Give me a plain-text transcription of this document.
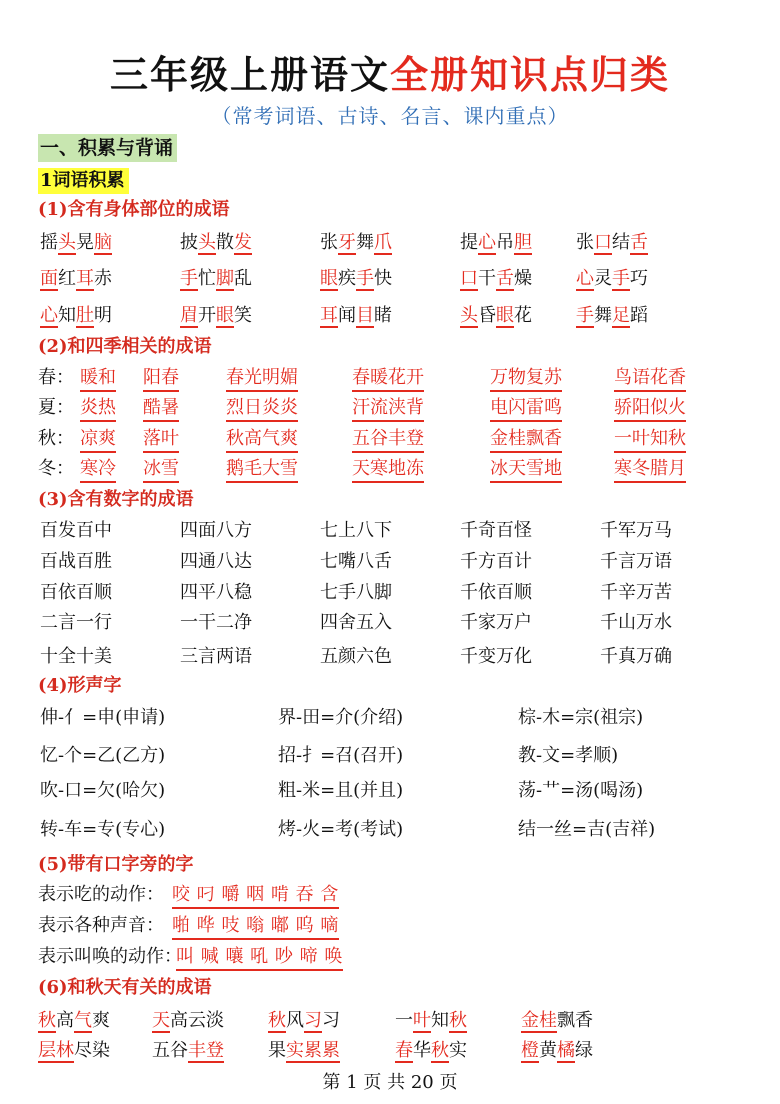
三年级上册语文全册知识点归类
（常考词语、古诗、名言、课内重点）
一、积累与背诵
1词语积累
(1)含有身体部位的成语
摇头晃脑	披头散发	张牙舞爪	提心吊胆 张口结舌
面红耳赤	手忙脚乱	眼疾手快	口干舌燥 心灵手巧
心知肚明	眉开眼笑	耳闻目睹	头昏眼花 手舞足蹈
(2)和四季相关的成语
春： 暖和 阳春	春光明媚	春暖花开	万物复苏	鸟语花香
夏： 炎热 酷暑	烈日炎炎	汗流浃背	电闪雷鸣	骄阳似火
秋： 凉爽 落叶	秋高气爽	五谷丰登	金桂飘香	一叶知秋
冬： 寒冷 冰雪	鹅毛大雪	天寒地冻	冰天雪地	寒冬腊月
(3)含有数字的成语
百发百中	四面八方	七上八下	千奇百怪	千军万马
百战百胜	四通八达	七嘴八舌	千方百计	千言万语
百依百顺	四平八稳	七手八脚	千依百顺	千辛万苦
二言一行	一干二净	四舍五入	千家万户	千山万水
十全十美	三言两语	五颜六色	千变万化	千真万确
(4)形声字
伸-亻=申(申请)	界-田=介(介绍)	棕-木=宗(祖宗)
忆-个=乙(乙方)	招-扌=召(召开)	教-文=孝顺)
吹-口=欠(哈欠)	粗-米=且(并且)	荡-艹=汤(喝汤)
转-车=专(专心)	烤-火=考(考试)	结一丝=吉(吉祥)
(5)带有口字旁的字
表示吃的动作： 咬 叼 嚼 咽 啃 吞 含
表示各种声音： 啪 哗 吱 嗡 嘟 呜 嘀
表示叫唤的动作：
叫 喊 嚷 吼 吵 啼 唤
(6)和秋天有关的成语
秋高气爽 天高云淡 秋风习习	一叶知秋	金桂飘香
层林尽染 五谷丰登 果实累累	春华秋实	橙黄橘绿
第 1 页 共 20 页
